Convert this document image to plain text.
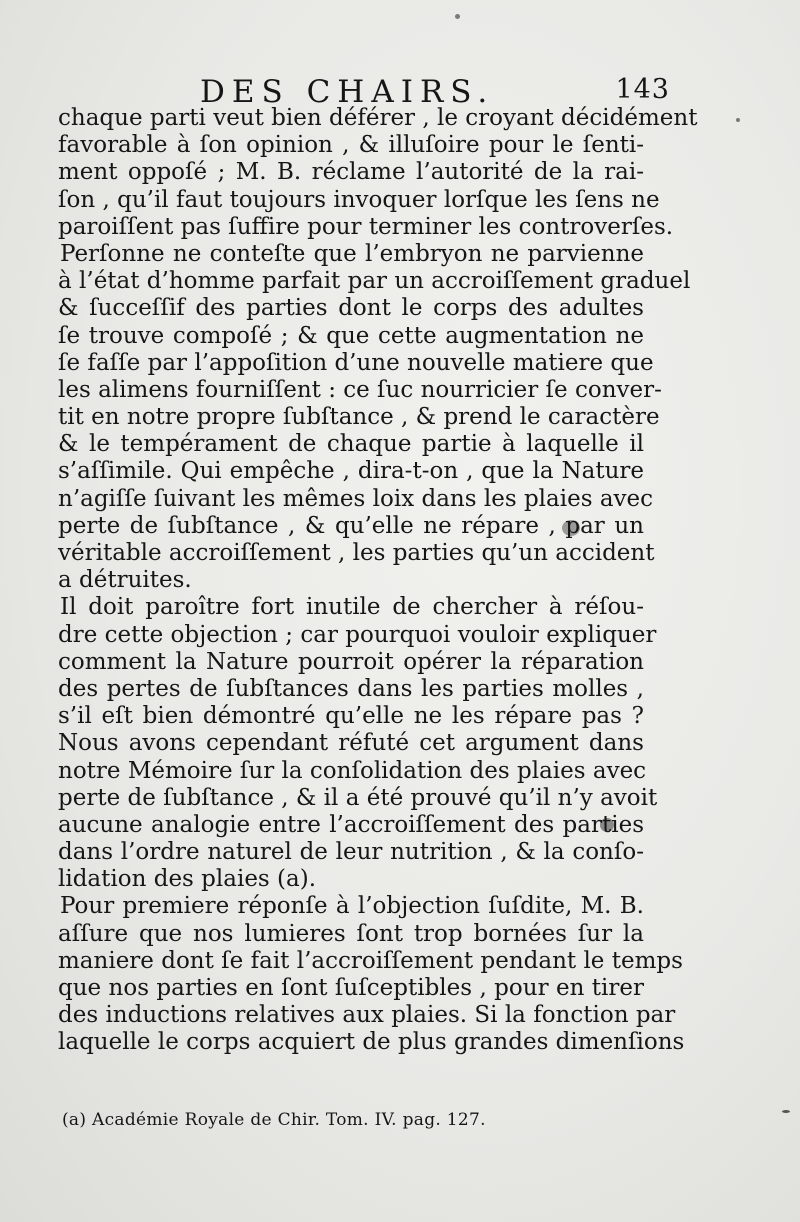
DES CHAIRS.	143
chaque parti veut bien déférer , le croyant décidément
favorable à ſon opinion , & illuſoire pour le ſenti-
ment oppoſé ; M. B. réclame l’autorité de la rai-
ſon , qu’il faut toujours invoquer lorſque les ſens ne
paroiſſent pas ſuffire pour terminer les controverſes.
Perſonne ne conteſte que l’embryon ne parvienne
à l’état d’homme parfait par un accroiſſement graduel
& ſucceſſif des parties dont le corps des adultes
ſe trouve compoſé ; & que cette augmentation ne
ſe faſſe par l’appoſition d’une nouvelle matiere que
les alimens fourniſſent : ce ſuc nourricier ſe conver-
tit en notre propre ſubſtance , & prend le caractère
& le tempérament de chaque partie à laquelle il
s’aſſimile. Qui empêche , dira-t-on , que la Nature
n’agiſſe ſuivant les mêmes loix dans les plaies avec
perte de ſubſtance , & qu’elle ne répare , par un
véritable accroiſſement , les parties qu’un accident
a détruites.
Il doit paroître fort inutile de chercher à réſou-
dre cette objection ; car pourquoi vouloir expliquer
comment la Nature pourroit opérer la réparation
des pertes de ſubſtances dans les parties molles ,
s’il eſt bien démontré qu’elle ne les répare pas ?
Nous avons cependant réfuté cet argument dans
notre Mémoire ſur la conſolidation des plaies avec
perte de ſubſtance , & il a été prouvé qu’il n’y avoit
aucune analogie entre l’accroiſſement des parties
dans l’ordre naturel de leur nutrition , & la conſo-
lidation des plaies (a).
Pour premiere réponſe à l’objection ſuſdite, M. B.
aſſure que nos lumieres ſont trop bornées ſur la
maniere dont ſe fait l’accroiſſement pendant le temps
que nos parties en ſont ſuſceptibles , pour en tirer
des inductions relatives aux plaies. Si la fonction par
laquelle le corps acquiert de plus grandes dimenſions
(a) Académie Royale de Chir. Tom. IV. pag. 127.
